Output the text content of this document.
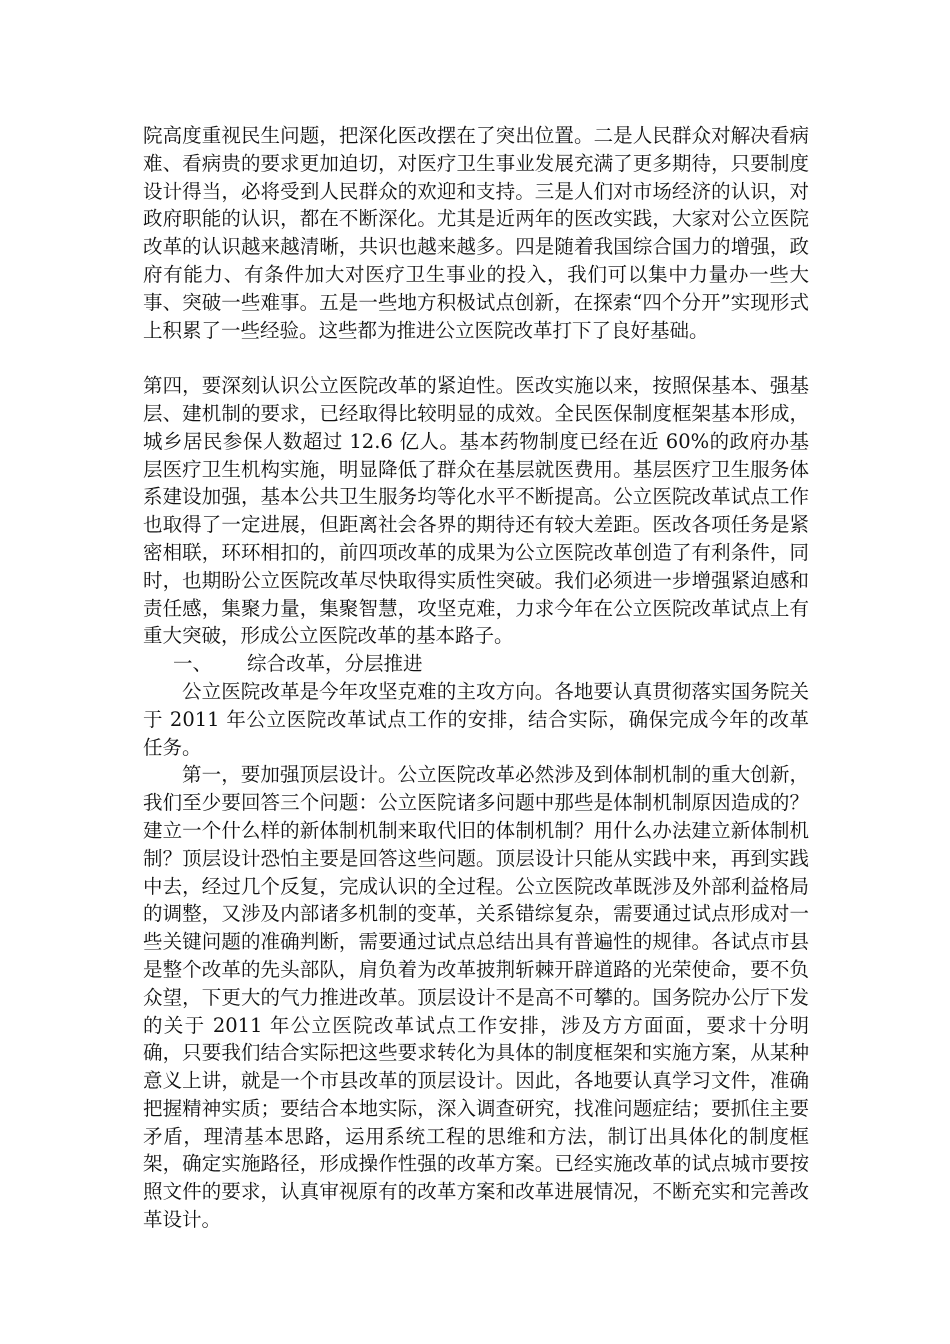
院高度重视民生问题，把深化医改摆在了突出位置。二是人民群众对解决看病难、看病贵的要求更加迫切，对医疗卫生事业发展充满了更多期待，只要制度设计得当，必将受到人民群众的欢迎和支持。三是人们对市场经济的认识，对政府职能的认识，都在不断深化。尤其是近两年的医改实践，大家对公立医院改革的认识越来越清晰，共识也越来越多。四是随着我国综合国力的增强，政府有能力、有条件加大对医疗卫生事业的投入，我们可以集中力量办一些大事、突破一些难事。五是一些地方积极试点创新，在探索“四个分开”实现形式上积累了一些经验。这些都为推进公立医院改革打下了良好基础。

第四，要深刻认识公立医院改革的紧迫性。医改实施以来，按照保基本、强基层、建机制的要求，已经取得比较明显的成效。全民医保制度框架基本形成，城乡居民参保人数超过 12.6 亿人。基本药物制度已经在近 60%的政府办基层医疗卫生机构实施，明显降低了群众在基层就医费用。基层医疗卫生服务体系建设加强，基本公共卫生服务均等化水平不断提高。公立医院改革试点工作也取得了一定进展，但距离社会各界的期待还有较大差距。医改各项任务是紧密相联，环环相扣的，前四项改革的成果为公立医院改革创造了有利条件，同时，也期盼公立医院改革尽快取得实质性突破。我们必须进一步增强紧迫感和责任感，集聚力量，集聚智慧，攻坚克难，力求今年在公立医院改革试点上有重大突破，形成公立医院改革的基本路子。

一、 综合改革，分层推进

公立医院改革是今年攻坚克难的主攻方向。各地要认真贯彻落实国务院关于 2011 年公立医院改革试点工作的安排，结合实际，确保完成今年的改革任务。

第一，要加强顶层设计。公立医院改革必然涉及到体制机制的重大创新，我们至少要回答三个问题：公立医院诸多问题中那些是体制机制原因造成的？建立一个什么样的新体制机制来取代旧的体制机制？用什么办法建立新体制机制？顶层设计恐怕主要是回答这些问题。顶层设计只能从实践中来，再到实践中去，经过几个反复，完成认识的全过程。公立医院改革既涉及外部利益格局的调整，又涉及内部诸多机制的变革，关系错综复杂，需要通过试点形成对一些关键问题的准确判断，需要通过试点总结出具有普遍性的规律。各试点市县是整个改革的先头部队，肩负着为改革披荆斩棘开辟道路的光荣使命，要不负众望，下更大的气力推进改革。顶层设计不是高不可攀的。国务院办公厅下发的关于 2011 年公立医院改革试点工作安排，涉及方方面面，要求十分明确，只要我们结合实际把这些要求转化为具体的制度框架和实施方案，从某种意义上讲，就是一个市县改革的顶层设计。因此，各地要认真学习文件，准确把握精神实质；要结合本地实际，深入调查研究，找准问题症结；要抓住主要矛盾，理清基本思路，运用系统工程的思维和方法，制订出具体化的制度框架，确定实施路径，形成操作性强的改革方案。已经实施改革的试点城市要按照文件的要求，认真审视原有的改革方案和改革进展情况，不断充实和完善改革设计。
